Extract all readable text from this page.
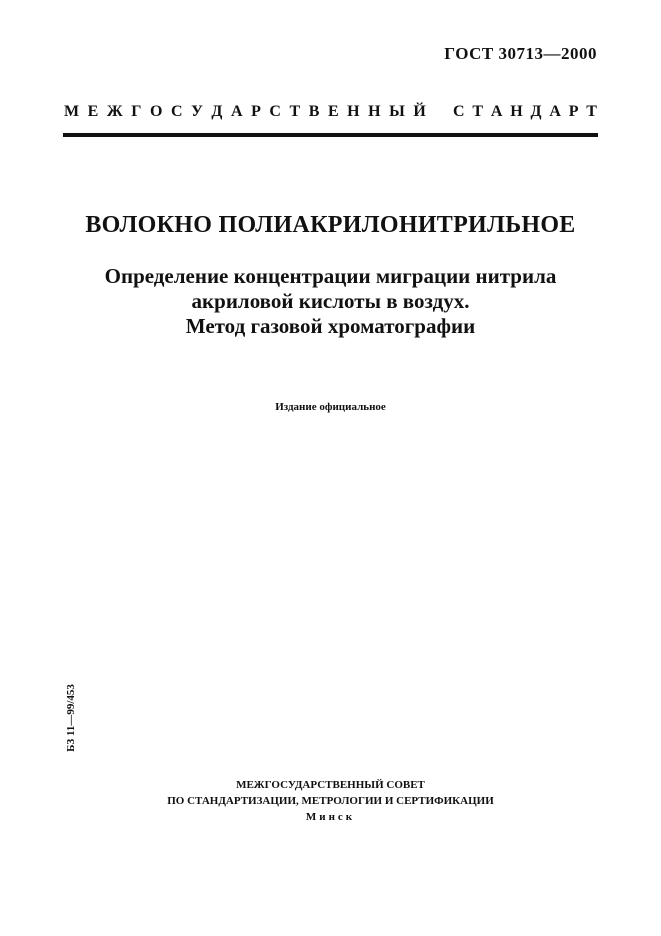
ГОСТ 30713—2000
М Е Ж Г О С У Д А Р С Т В Е Н Н Ы Й С Т А Н Д А Р Т
ВОЛОКНО ПОЛИАКРИЛОНИТРИЛЬНОЕ
Определение концентрации миграции нитрила
акриловой кислоты в воздух.
Метод газовой хроматографии
Издание официальное
БЗ 11—99/453
МЕЖГОСУДАРСТВЕННЫЙ СОВЕТ
ПО СТАНДАРТИЗАЦИИ, МЕТРОЛОГИИ И СЕРТИФИКАЦИИ
Минск
